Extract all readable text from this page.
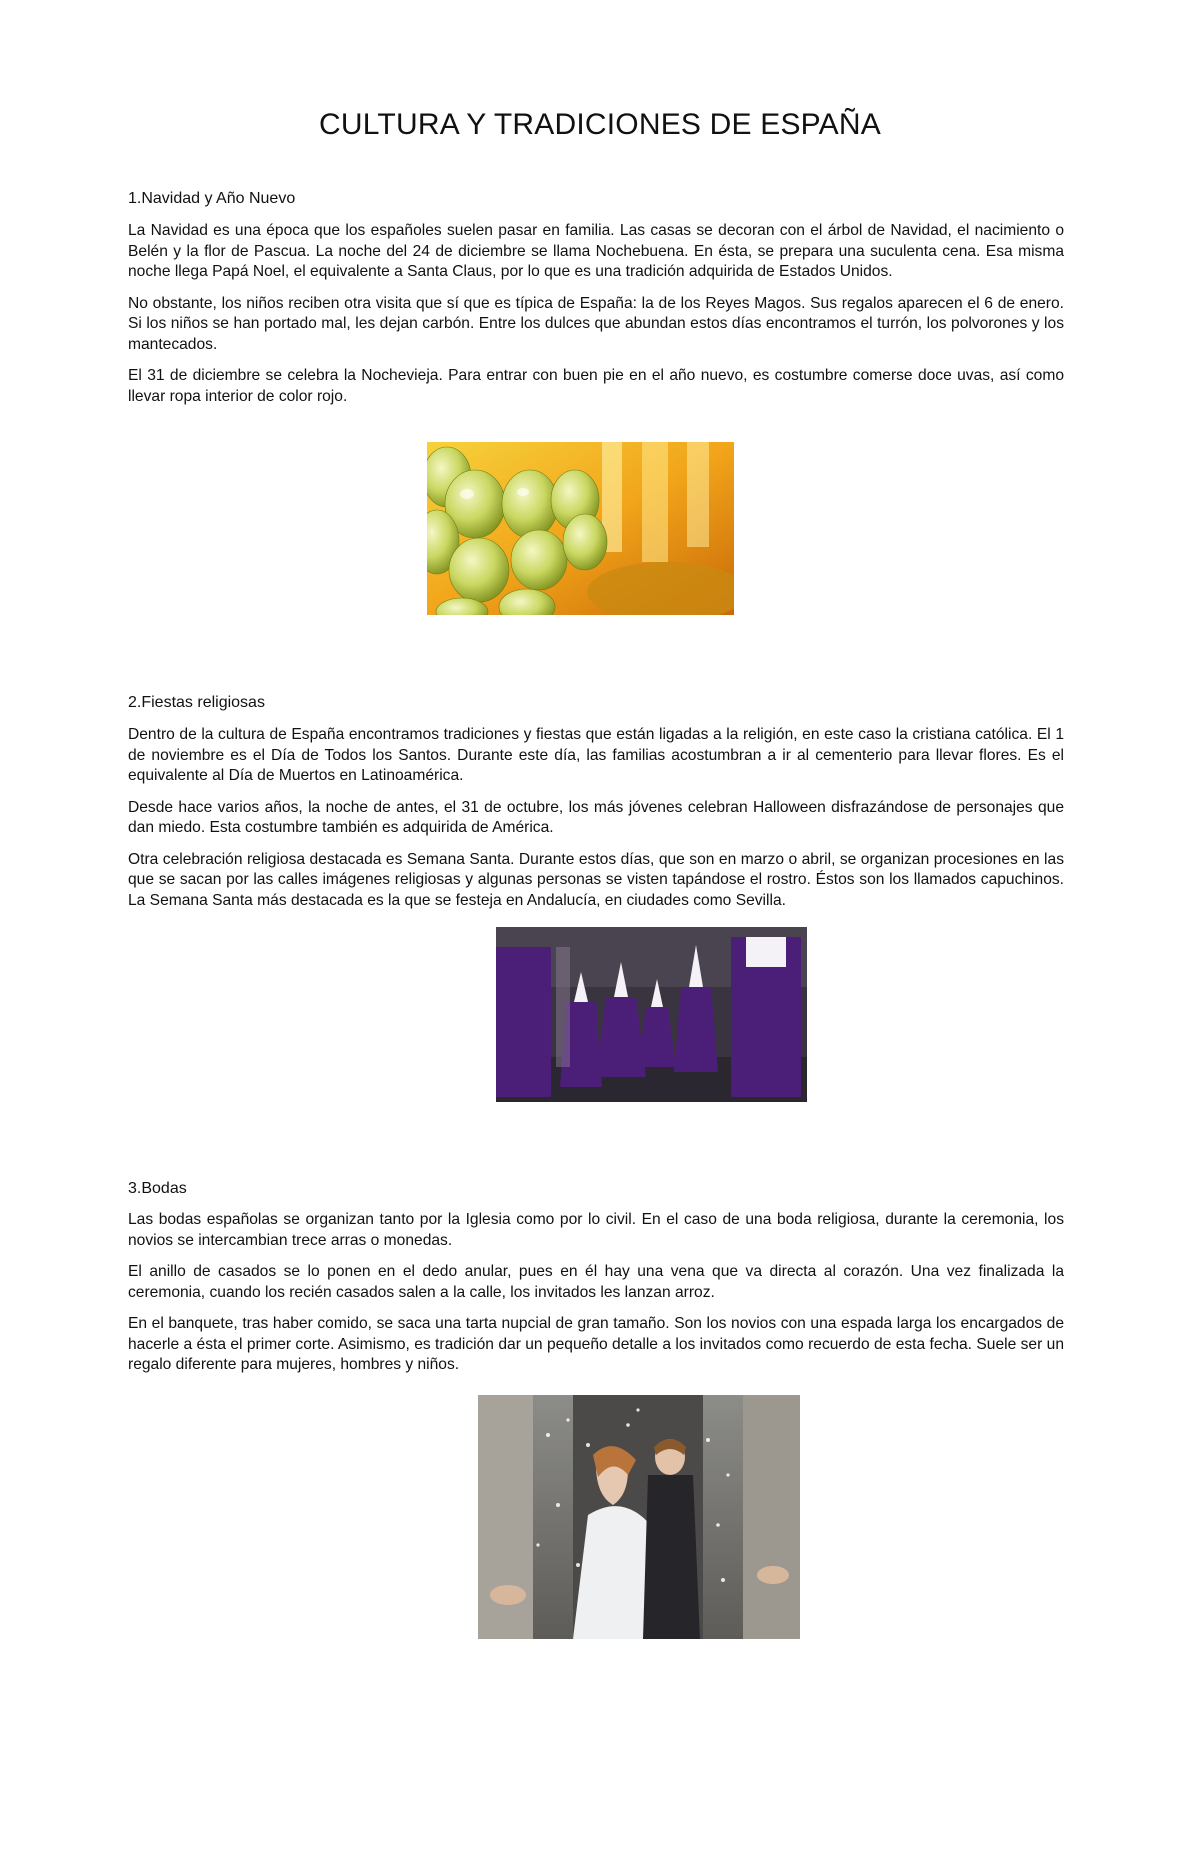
CULTURA Y TRADICIONES DE ESPAÑA

1.Navidad y Año Nuevo

La Navidad es una época que los españoles suelen pasar en familia. Las casas se decoran con el árbol de Navidad, el nacimiento o Belén y la flor de Pascua. La noche del 24 de diciembre se llama Nochebuena. En ésta, se prepara una suculenta cena. Esa misma noche llega Papá Noel, el equivalente a Santa Claus, por lo que es una tradición adquirida de Estados Unidos.

No obstante, los niños reciben otra visita que sí que es típica de España: la de los Reyes Magos. Sus regalos aparecen el 6 de enero. Si los niños se han portado mal, les dejan carbón. Entre los dulces que abundan estos días encontramos el turrón, los polvorones y los mantecados.

El 31 de diciembre se celebra la Nochevieja. Para entrar con buen pie en el año nuevo, es costumbre comerse doce uvas, así como llevar ropa interior de color rojo.

2.Fiestas religiosas

Dentro de la cultura de España encontramos tradiciones y fiestas que están ligadas a la religión, en este caso la cristiana católica. El 1 de noviembre es el Día de Todos los Santos. Durante este día, las familias acostumbran a ir al cementerio para llevar flores. Es el equivalente al Día de Muertos en Latinoamérica.

Desde hace varios años, la noche de antes, el 31 de octubre, los más jóvenes celebran Halloween disfrazándose de personajes que dan miedo. Esta costumbre también es adquirida de América.

Otra celebración religiosa destacada es Semana Santa. Durante estos días, que son en marzo o abril, se organizan procesiones en las que se sacan por las calles imágenes religiosas y algunas personas se visten tapándose el rostro. Éstos son los llamados capuchinos. La Semana Santa más destacada es la que se festeja en Andalucía, en ciudades como Sevilla.

3.Bodas

Las bodas españolas se organizan tanto por la Iglesia como por lo civil. En el caso de una boda religiosa, durante la ceremonia, los novios se intercambian trece arras o monedas.

El anillo de casados se lo ponen en el dedo anular, pues en él hay una vena que va directa al corazón. Una vez finalizada la ceremonia, cuando los recién casados salen a la calle, los invitados les lanzan arroz.

En el banquete, tras haber comido, se saca una tarta nupcial de gran tamaño. Son los novios con una espada larga los encargados de hacerle a ésta el primer corte. Asimismo, es tradición dar un pequeño detalle a los invitados como recuerdo de esta fecha. Suele ser un regalo diferente para mujeres, hombres y niños.
